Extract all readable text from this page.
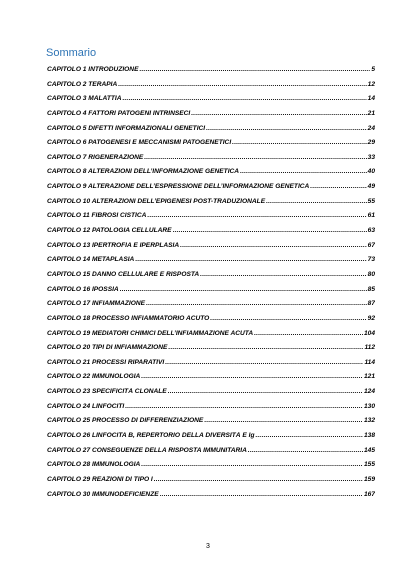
Sommario
CAPITOLO 1 INTRODUZIONE .....	5
CAPITOLO 2 TERAPIA .....	12
CAPITOLO 3 MALATTIA .....	14
CAPITOLO 4 FATTORI PATOGENI INTRINSECI .....	21
CAPITOLO 5 DIFETTI INFORMAZIONALI GENETICI .....	24
CAPITOLO 6 PATOGENESI E MECCANISMI PATOGENETICI .....	29
CAPITOLO 7 RIGENERAZIONE .....	33
CAPITOLO 8 ALTERAZIONI DELL’INFORMAZIONE GENETICA .....	40
CAPITOLO 9 ALTERAZIONE DELL’ESPRESSIONE DELL’INFORMAZIONE GENETICA .....	49
CAPITOLO 10 ALTERAZIONI DELL’EPIGENESI POST-TRADUZIONALE .....	55
CAPITOLO 11 FIBROSI CISTICA .....	61
CAPITOLO 12 PATOLOGIA CELLULARE .....	63
CAPITOLO 13 IPERTROFIA E IPERPLASIA .....	67
CAPITOLO 14 METAPLASIA .....	73
CAPITOLO 15 DANNO CELLULARE E RISPOSTA .....	80
CAPITOLO 16 IPOSSIA .....	85
CAPITOLO 17 INFIAMMAZIONE .....	87
CAPITOLO 18 PROCESSO INFIAMMATORIO ACUTO .....	92
CAPITOLO 19 MEDIATORI CHIMICI DELL’INFIAMMAZIONE ACUTA .....	104
CAPITOLO 20 TIPI DI INFIAMMAZIONE .....	112
CAPITOLO 21 PROCESSI RIPARATIVI .....	114
CAPITOLO 22 IMMUNOLOGIA .....	121
CAPITOLO 23 SPECIFICITÀ CLONALE .....	124
CAPITOLO 24 LINFOCITI .....	130
CAPITOLO 25 PROCESSO DI DIFFERENZIAZIONE .....	132
CAPITOLO 26 LINFOCITA B, REPERTORIO DELLA DIVERSITÀ E Ig .....	138
CAPITOLO 27 CONSEGUENZE DELLA RISPOSTA IMMUNITARIA .....	145
CAPITOLO 28 IMMUNOLOGIA .....	155
CAPITOLO 29 REAZIONI DI TIPO I .....	159
CAPITOLO 30 IMMUNODEFICIENZE .....	167

3
